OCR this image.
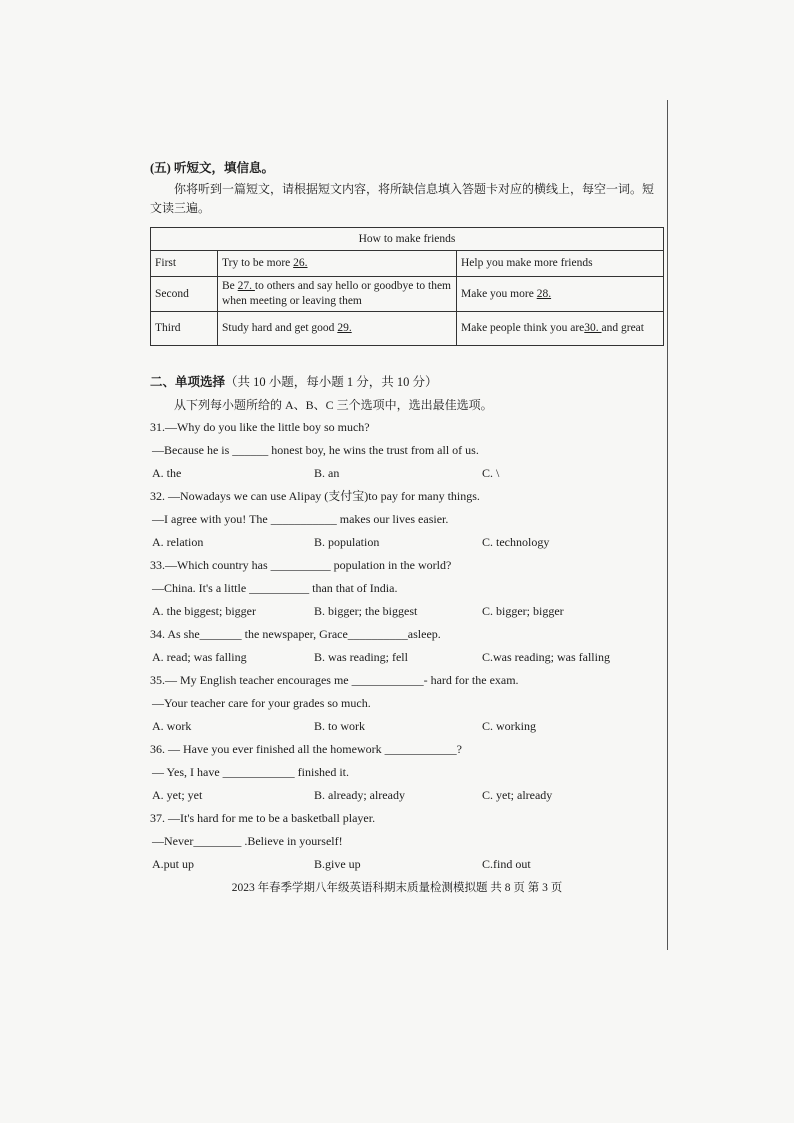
(五) 听短文，填信息。

你将听到一篇短文，请根据短文内容，将所缺信息填入答题卡对应的横线上，每空一词。短文读三遍。

How to make friends		
First	Try to be more 26.	Help you make more friends
Second	Be 27. to others and say hello or goodbye to them when meeting or leaving them	Make you more 28.
Third	Study hard and get good 29.	Make people think you are30. and great
二、单项选择（共 10 小题，每小题 1 分，共 10 分）

从下列每小题所给的 A、B、C 三个选项中，选出最佳选项。

31.—Why do you like the little boy so much?
—Because he is ______ honest boy, he wins the trust from all of us.
A. the	B. an	C. \
32. —Nowadays we can use Alipay (支付宝)to pay for many things.
—I agree with you! The ___________ makes our lives easier.
A. relation	B. population	C. technology
33.—Which country has __________ population in the world?
—China. It's a little __________ than that of India.
A. the biggest; bigger	B. bigger; the biggest	C. bigger; bigger
34. As she_______ the newspaper, Grace__________asleep.
A. read; was falling	B. was reading; fell	C.was reading; was falling
35.— My English teacher encourages me ____________- hard for the exam.
—Your teacher care for your grades so much.
A. work	B. to work	C. working
36. — Have you ever finished all the homework ____________?
— Yes, I have ____________ finished it.
A. yet; yet	B. already; already	C. yet; already
37. —It's hard for me to be a basketball player.
—Never________ .Believe in yourself!
A.put up	B.give up	C.find out
2023 年春季学期八年级英语科期末质量检测模拟题 共 8 页 第 3 页
